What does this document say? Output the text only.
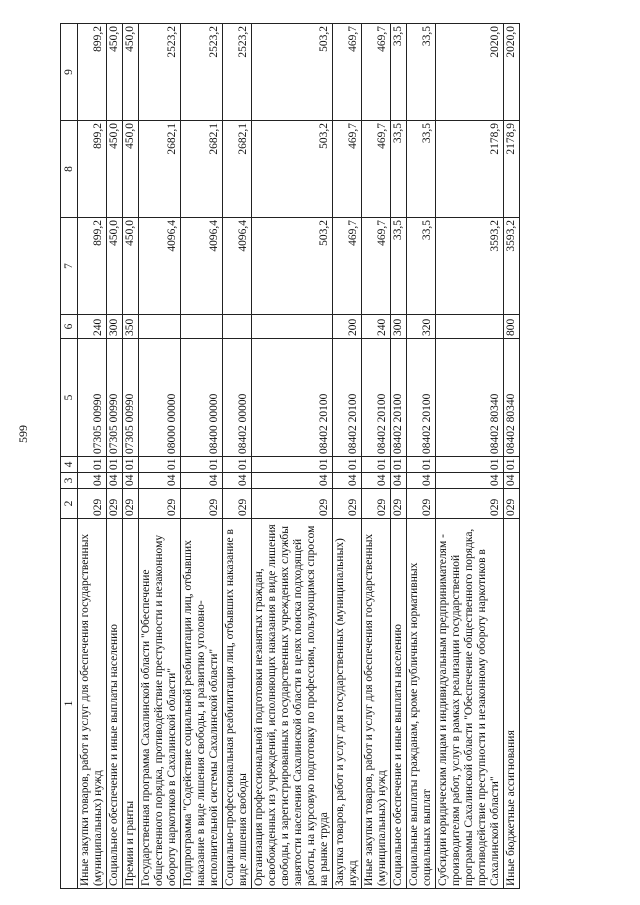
599
1	2	3	4	5	6	7	8	9
Иные закупки товаров, работ и услуг для обеспечения государственных (муниципальных) нужд	029	04	01	07305 00990	240	899,2	899,2	899,2
Социальное обеспечение и иные выплаты населению	029	04	01	07305 00990	300	450,0	450,0	450,0
Премии и гранты	029	04	01	07305 00990	350	450,0	450,0	450,0
Государственная программа Сахалинской области "Обеспечение общественного порядка, противодействие преступности и незаконному обороту наркотиков в Сахалинской области"	029	04	01	08000 00000		4096,4	2682,1	2523,2
Подпрограмма "Содействие социальной реабилитации лиц, отбывших наказание в виде лишения свободы, и развитию уголовно-исполнительной системы Сахалинской области"	029	04	01	08400 00000		4096,4	2682,1	2523,2
Социально-профессиональная реабилитация лиц, отбывших наказание в виде лишения свободы	029	04	01	08402 00000		4096,4	2682,1	2523,2
Организация профессиональной подготовки незанятых граждан, освобожденных из учреждений, исполняющих наказания в виде лишения свободы, и зарегистрированных в государственных учреждениях службы занятости населения Сахалинской области в целях поиска подходящей работы, на курсовую подготовку по профессиям, пользующимся спросом на рынке труда	029	04	01	08402 20100		503,2	503,2	503,2
Закупка товаров, работ и услуг для государственных (муниципальных) нужд	029	04	01	08402 20100	200	469,7	469,7	469,7
Иные закупки товаров, работ и услуг для обеспечения государственных (муниципальных) нужд	029	04	01	08402 20100	240	469,7	469,7	469,7
Социальное обеспечение и иные выплаты населению	029	04	01	08402 20100	300	33,5	33,5	33,5
Социальные выплаты гражданам, кроме публичных нормативных социальных выплат	029	04	01	08402 20100	320	33,5	33,5	33,5
Субсидии юридическим лицам и индивидуальным предпринимателям - производителям работ, услуг в рамках реализации государственной программы Сахалинской области "Обеспечение общественного порядка, противодействие преступности и незаконному обороту наркотиков в Сахалинской области"	029	04	01	08402 80340		3593,2	2178,9	2020,0
Иные бюджетные ассигнования	029	04	01	08402 80340	800	3593,2	2178,9	2020,0
